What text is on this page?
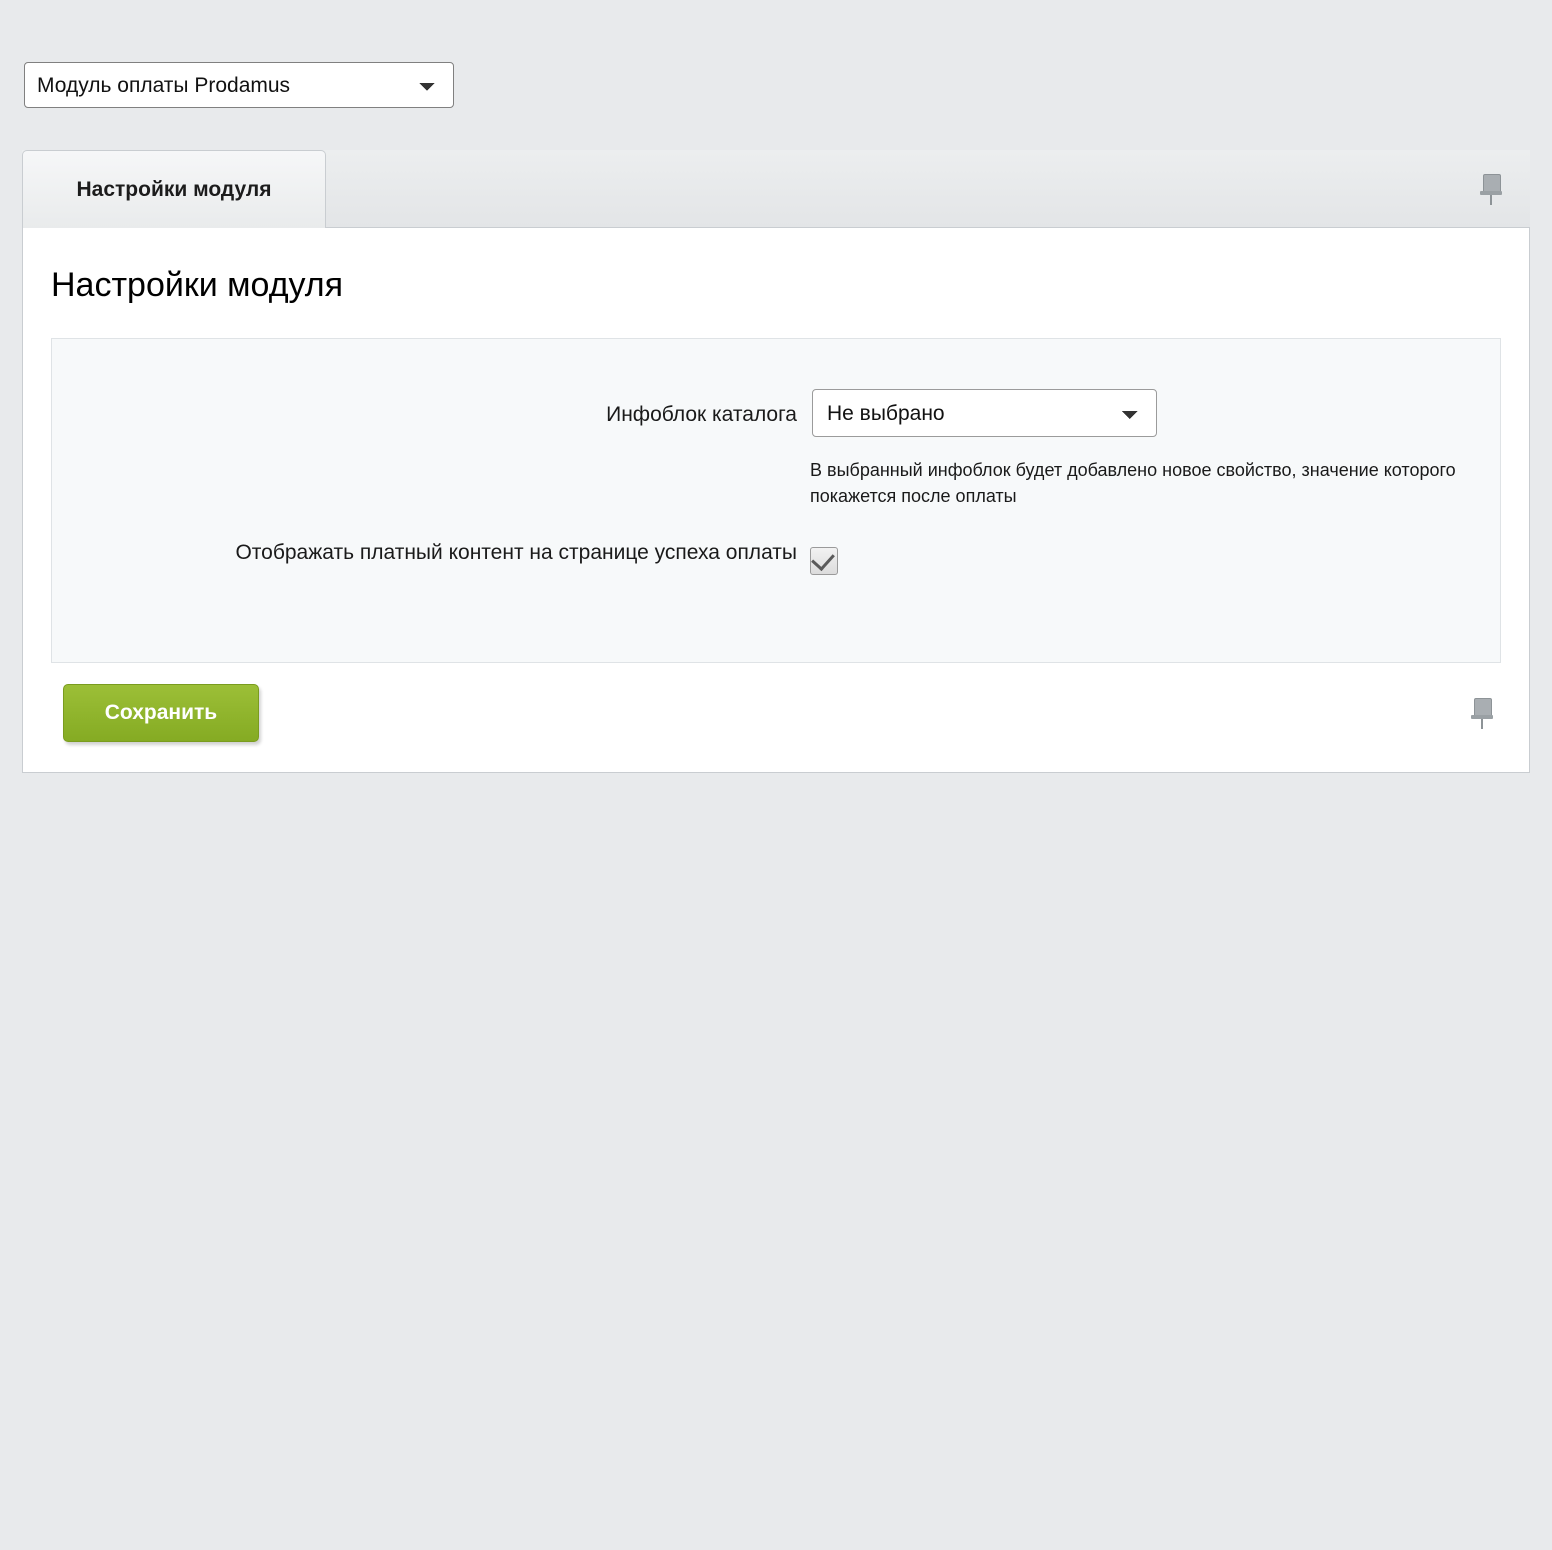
Модуль оплаты Prodamus
Настройки модуля
Настройки модуля
Инфоблок каталога
Не выбрано
В выбранный инфоблок будет добавлено новое свойство, значение которого покажется после оплаты
Отображать платный контент на странице успеха оплаты
Сохранить
